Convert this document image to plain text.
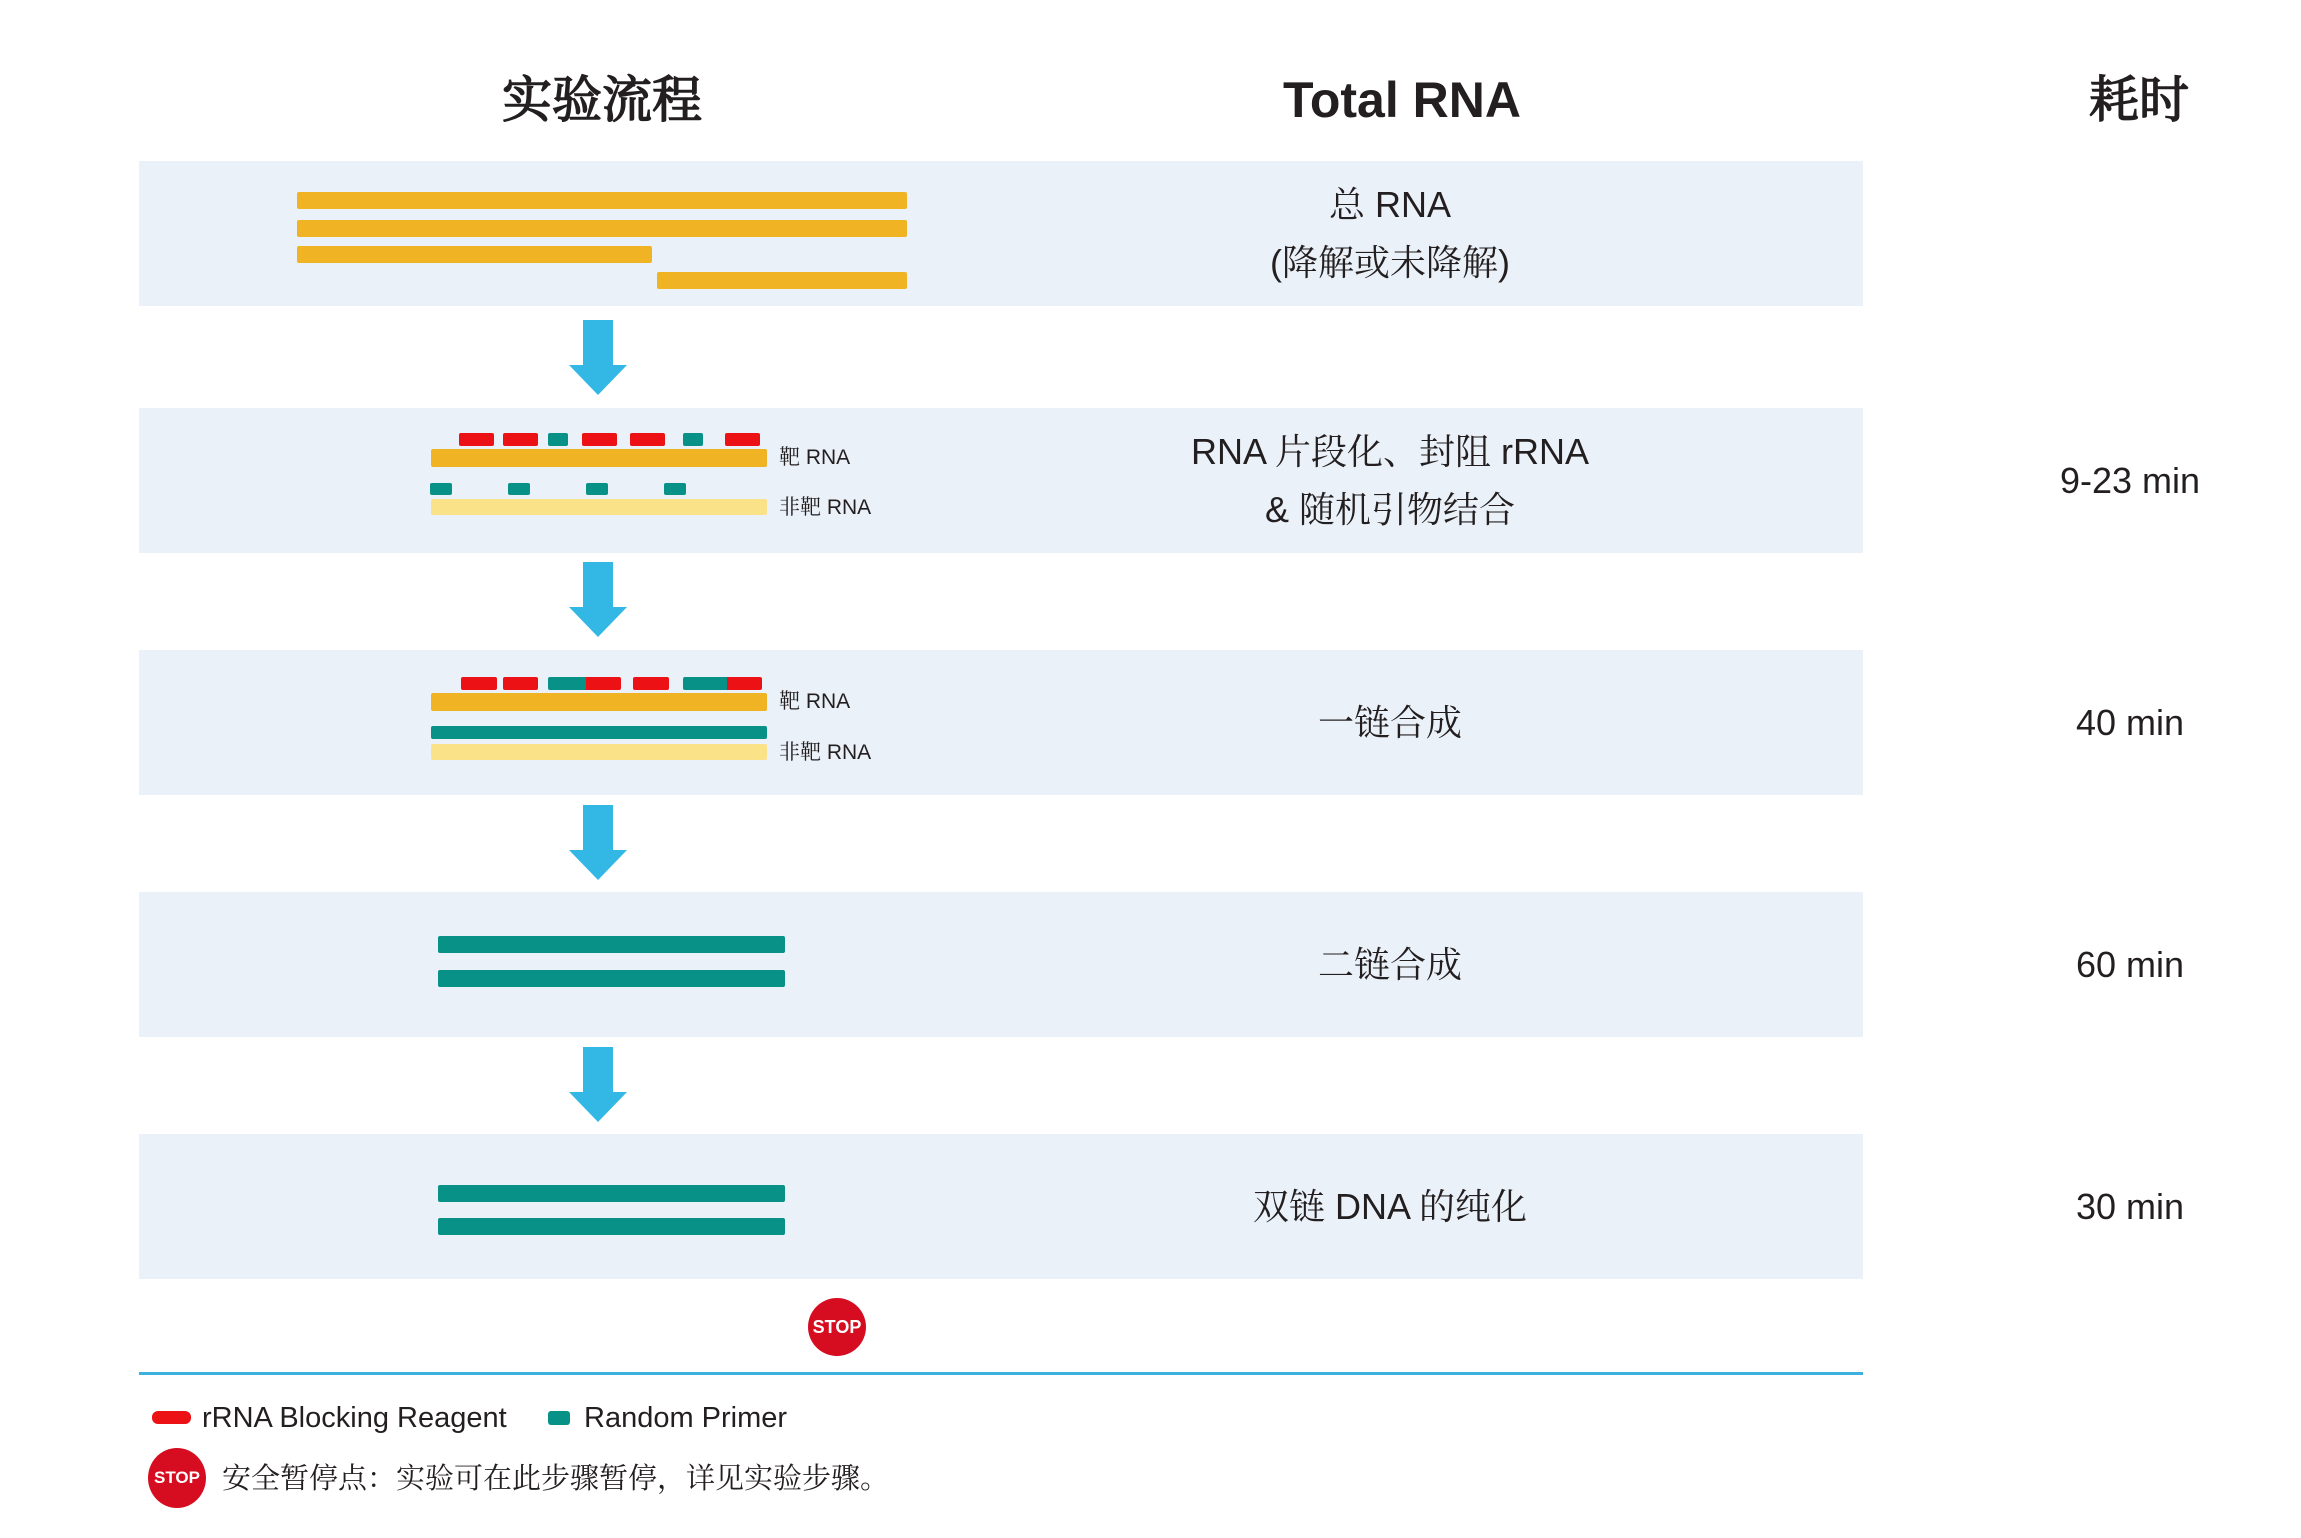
实验流程	Total RNA	耗时
总 RNA
(降解或未降解)
靶 RNA
非靶 RNA
RNA 片段化、封阻 rRNA
& 随机引物结合
9-23 min
靶 RNA
非靶 RNA
一链合成	40 min
二链合成	60 min
双链 DNA 的纯化	30 min
STOP
rRNA Blocking Reagent	Random Primer
STOP 安全暂停点：实验可在此步骤暂停，详见实验步骤。
